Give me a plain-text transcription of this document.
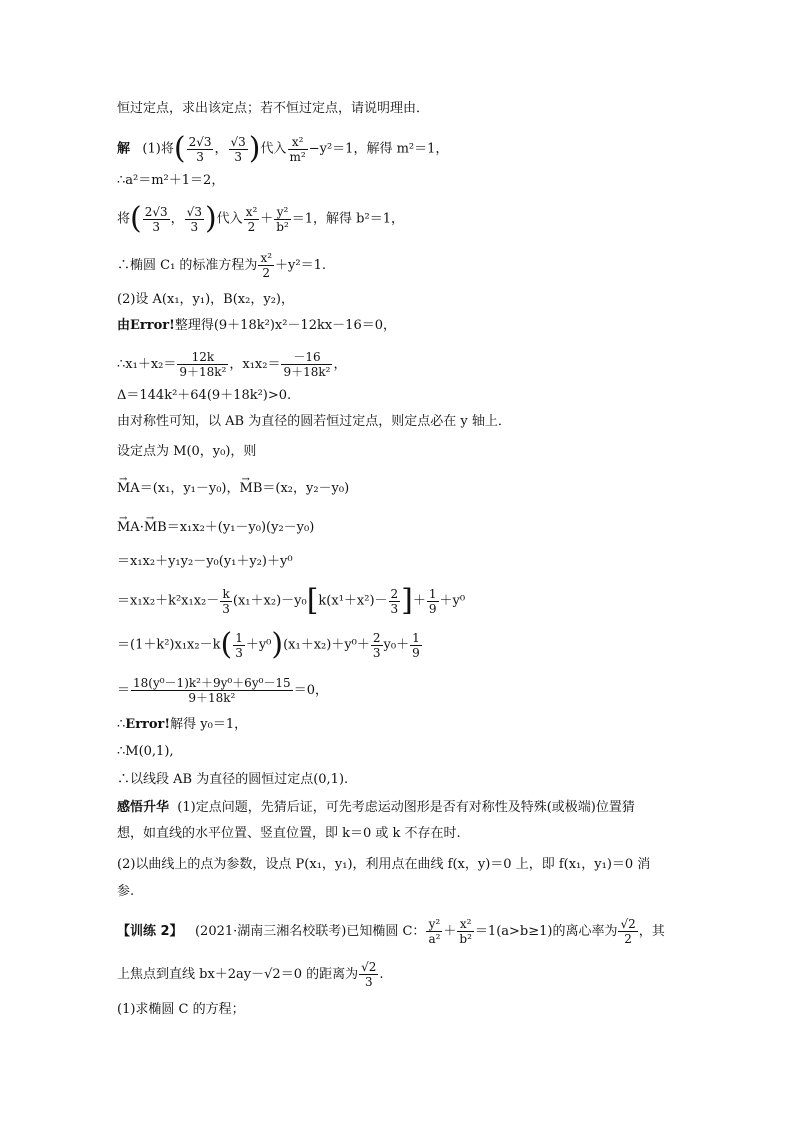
恒过定点，求出该定点；若不恒过定点，请说明理由．
解 (1)将( $\frac{2√3}{3}$ ， $\frac{√3}{3}$ )代入 $\frac{\text{x²}}{\text{m²}} -y^2=1$，解得 m²＝1，
∴a²＝m²＋1＝2，
将( $\frac{2√3}{3}$ ， $\frac{√3}{3}$ )代入 $\frac{\text{x²}}{2} + \frac{\text{y²}}{\text{b²}} =1$，解得 b²＝1，
∴椭圆 C₁ 的标准方程为 $\frac{\text{x²}}{2} +y^2=1$.
(2)设 A(x₁，y₁)，B(x₂，y₂)，
由Error!整理得(9＋18k²)x²－12kx－16＝0，
∴x₁＋x₂＝ $\frac{12k}{\text{9＋18k²}}$ ，$x_1x_2= \frac{-16}{\text{9＋18k²}}$ ，
Δ＝144k²＋64(9＋18k²)>0.
由对称性可知，以 AB 为直径的圆若恒过定点，则定点必在 y 轴上．
设定点为 M(0，y₀)，则
→ MA＝(x₁，y₁－y₀)，→ MB＝(x₂，y₂－y₀)
→ MA·→ MB＝x₁x₂＋(y₁－y₀)(y₂－y₀)
＝x₁x₂＋y₁y₂－y₀(y₁＋y₂)＋y⁰
$=x_1x_2+k^2x_1x_2- \frac{k}{3} (x_1+x_2)-y_0[k(x^1+x^2)- \frac{2}{3}$ ]＋ $\frac{1}{9} +y^0$
$=(1+k^2)x_1x_2-k( \frac{1}{3} +y^0)(x_1+x_2)+y^0+ \frac{2}{3} y_0+ \frac{1}{9}$
＝ $\frac{\text{18(y⁰－1)k²＋9y⁰＋6y⁰－15}}{\text{9＋18k²}} =0$，
∴Error!解得 y₀＝1，
∴M(0,1),
∴以线段 AB 为直径的圆恒过定点(0,1).
感悟升华 (1)定点问题，先猜后证，可先考虑运动图形是否有对称性及特殊(或极端)位置猜
想，如直线的水平位置、竖直位置，即 k＝0 或 k 不存在时.
(2)以曲线上的点为参数，设点 P(x₁，y₁)，利用点在曲线 f(x，y)＝0 上，即 f(x₁，y₁)＝0 消
参.
【训练 2】 (2021·湖南三湘名校联考)已知椭圆 C： $\frac{\text{y²}}{\text{a²}} + \frac{\text{x²}}{\text{b²}} =1(a>b\ge 1)$的离心率为 $\frac{√2}{2}$ ，其
上焦点到直线 bx＋2ay－√2＝0 的距离为 $\frac{√2}{3}$ .
(1)求椭圆 C 的方程；
